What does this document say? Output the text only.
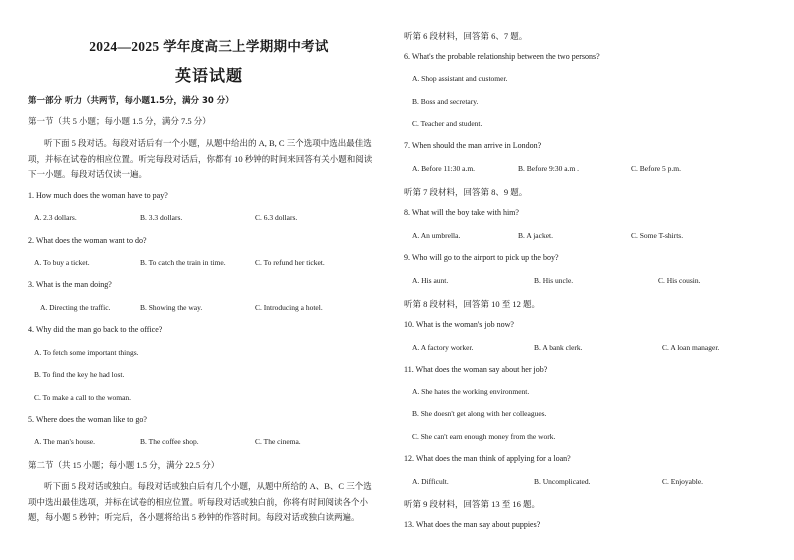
2024—2025 学年度高三上学期期中考试
英语试题
第一部分 听力（共两节，每小题1.5分，满分 30 分）
第一节（共 5 小题；每小题 1.5 分，满分 7.5 分）
听下面 5 段对话。每段对话后有一个小题，从题中给出的 A, B, C 三个选项中选出最佳选项，并标在试卷的相应位置。听完每段对话后，你都有 10 秒钟的时间来回答有关小题和阅读下一小题。每段对话仅读一遍。
1. How much does the woman have to pay?
A. 2.3 dollars.	B. 3.3 dollars.	C. 6.3 dollars.
2. What does the woman want to do?
A. To buy a ticket.	B. To catch the train in time.	C. To refund her ticket.
3. What is the man doing?
A. Directing the traffic.	B. Showing the way.	C. Introducing a hotel.
4. Why did the man go back to the office?
A. To fetch some important things.
B. To find the key he had lost.
C. To make a call to the woman.
5. Where does the woman like to go?
A. The man's house.	B. The coffee shop.	C. The cinema.
第二节（共 15 小题；每小题 1.5 分，满分 22.5 分）
听下面 5 段对话或独白。每段对话或独白后有几个小题，从题中所给的 A、B、C 三个选项中选出最佳选项，并标在试卷的相应位置。听每段对话或独白前，你将有时间阅读各个小题，每小题 5 秒钟；听完后，各小题将给出 5 秒钟的作答时间。每段对话或独白读两遍。
听第 6 段材料，回答第 6、7 题。
6. What's the probable relationship between the two persons?
A. Shop assistant and customer.
B. Boss and secretary.
C. Teacher and student.
7. When should the man arrive in London?
A. Before 11:30 a.m.	B. Before 9:30 a.m .	C. Before 5 p.m.
听第 7 段材料，回答第 8、9 题。
8. What will the boy take with him?
A. An umbrella.	B. A jacket.	C. Some T-shirts.
9. Who will go to the airport to pick up the boy?
A. His aunt.	B. His uncle.	C. His cousin.
听第 8 段材料，回答第 10 至 12 题。
10. What is the woman's job now?
A. A factory worker.	B. A bank clerk.	C. A loan manager.
11. What does the woman say about her job?
A. She hates the working environment.
B. She doesn't get along with her colleagues.
C. She can't earn enough money from the work.
12. What does the man think of applying for a loan?
A. Difficult.	B. Uncomplicated.	C. Enjoyable.
听第 9 段材料，回答第 13 至 16 题。
13. What does the man say about puppies?
